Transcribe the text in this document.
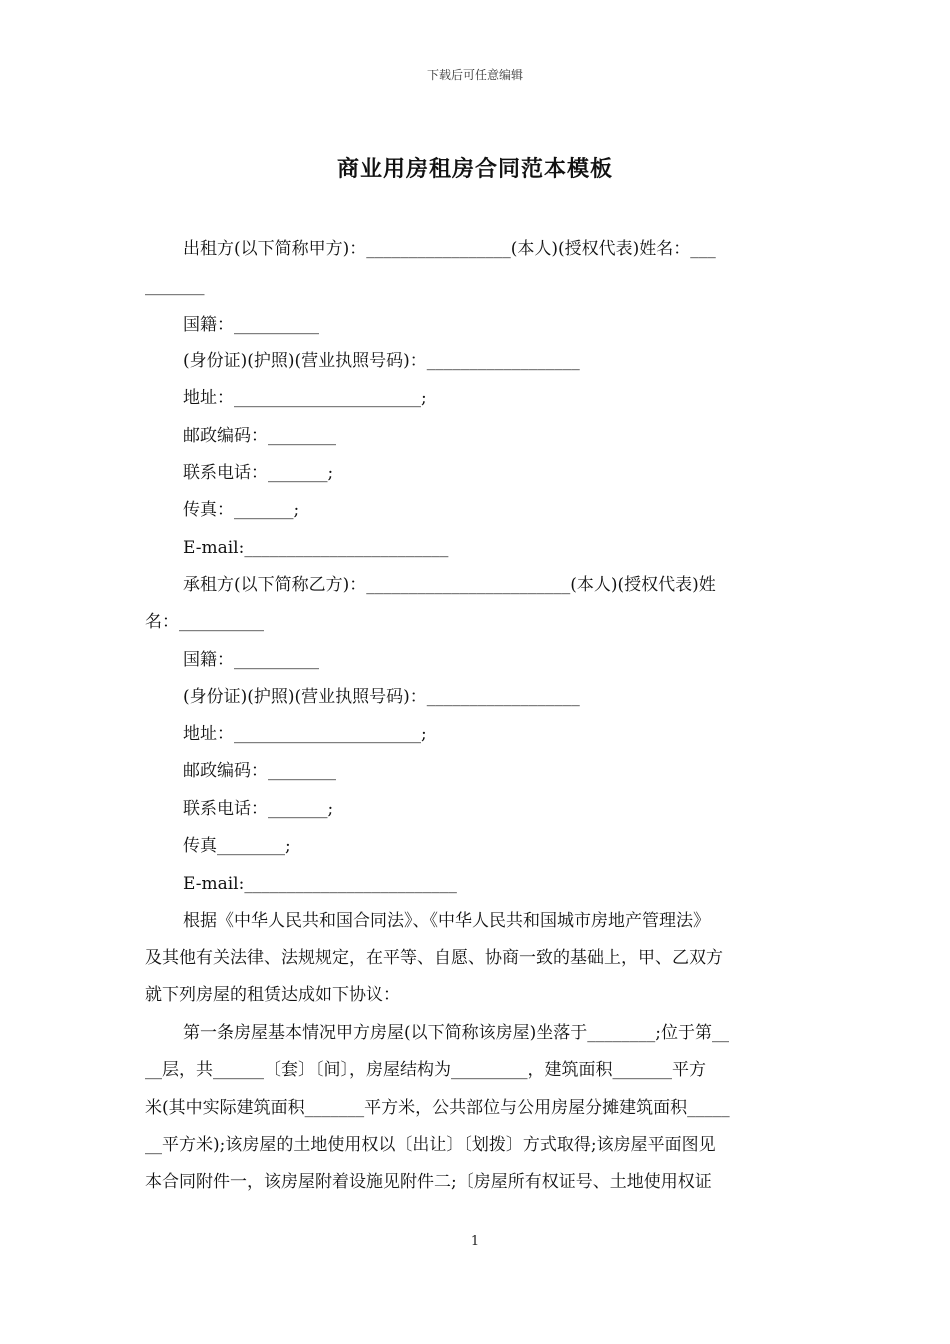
下载后可任意编辑
商业用房租房合同范本模板
出租方(以下简称甲方)：_________________(本人)(授权代表)姓名：___
_______
国籍：__________
(身份证)(护照)(营业执照号码)：__________________
地址：______________________;
邮政编码：________
联系电话：_______;
传真：_______;
E-mail:________________________
承租方(以下简称乙方)：________________________(本人)(授权代表)姓
名：__________
国籍：__________
(身份证)(护照)(营业执照号码)：__________________
地址：______________________;
邮政编码：________
联系电话：_______;
传真________;
E-mail:_________________________
根据《中华人民共和国合同法》、《中华人民共和国城市房地产管理法》
及其他有关法律、法规规定，在平等、自愿、协商一致的基础上，甲、乙双方
就下列房屋的租赁达成如下协议：
第一条房屋基本情况甲方房屋(以下简称该房屋)坐落于________;位于第__
__层，共______〔套〕〔间〕，房屋结构为_________，建筑面积_______平方
米(其中实际建筑面积_______平方米，公共部位与公用房屋分摊建筑面积_____
__平方米);该房屋的土地使用权以〔出让〕〔划拨〕方式取得;该房屋平面图见
本合同附件一，该房屋附着设施见附件二;〔房屋所有权证号、土地使用权证
1
